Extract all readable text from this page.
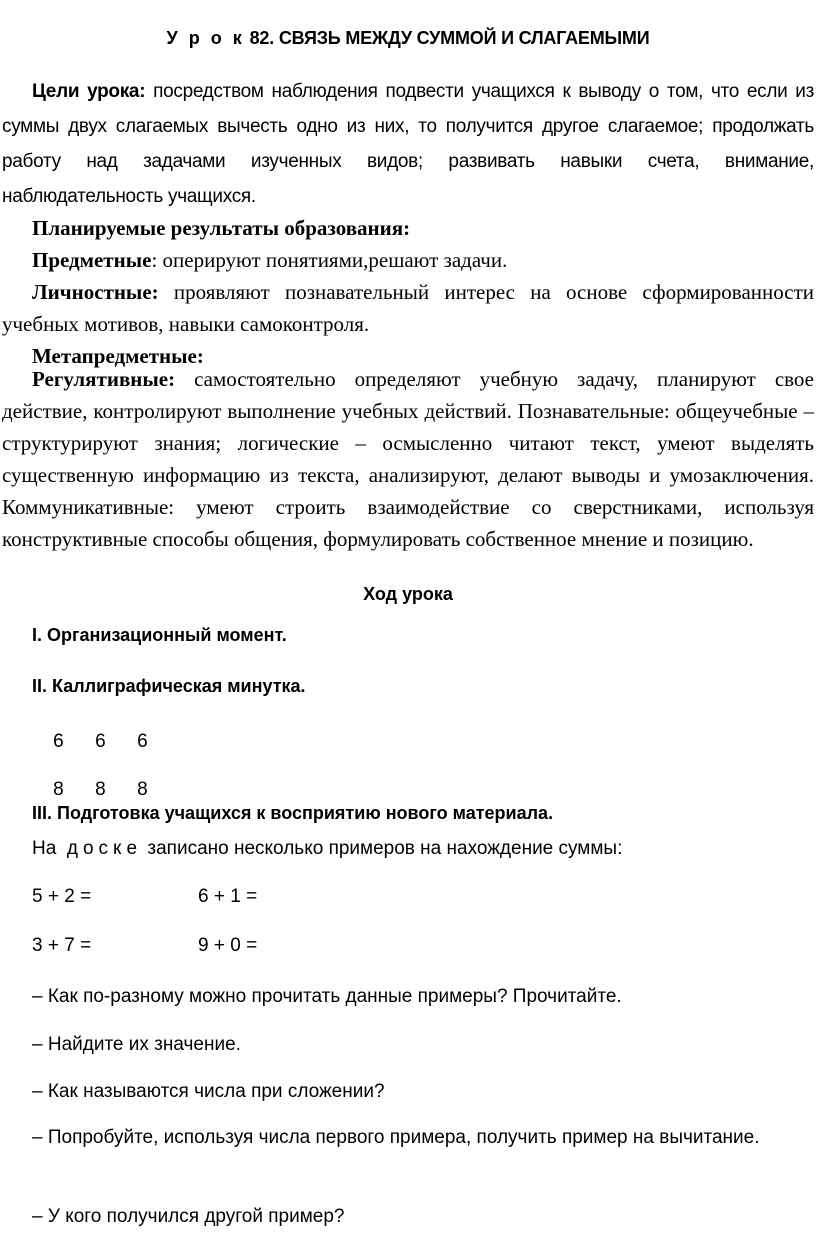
У р о к 82. СВЯЗЬ МЕЖДУ СУММОЙ И СЛАГАЕМЫМИ
Цели урока: посредством наблюдения подвести учащихся к выводу о том, что если из суммы двух слагаемых вычесть одно из них, то получится другое слагаемое; продолжать работу над задачами изученных видов; развивать навыки счета, внимание, наблюдательность учащихся.
Планируемые результаты образования:
Предметные: оперируют понятиями,решают задачи.
Личностные: проявляют познавательный интерес на основе сформированности учебных мотивов, навыки самоконтроля.
Метапредметные:
Регулятивные: самостоятельно определяют учебную задачу, планируют свое действие, контролируют выполнение учебных действий. Познавательные: общеучебные – структурируют знания; логические – осмысленно читают текст, умеют выделять существенную информацию из текста, анализируют, делают выводы и умозаключения. Коммуникативные: умеют строить взаимодействие со сверстниками, используя конструктивные способы общения, формулировать собственное мнение и позицию.
Ход урока
I. Организационный момент.
II. Каллиграфическая минутка.

6 6 6

8 8 8

III. Подготовка учащихся к восприятию нового материала.
На доске записано несколько примеров на нахождение суммы:
5 + 2 =	6 + 1 =
3 + 7 =	9 + 0 =
– Как по-разному можно прочитать данные примеры? Прочитайте.
– Найдите их значение.
– Как называются числа при сложении?
– Попробуйте, используя числа первого примера, получить пример на вычитание.
– У кого получился другой пример?
